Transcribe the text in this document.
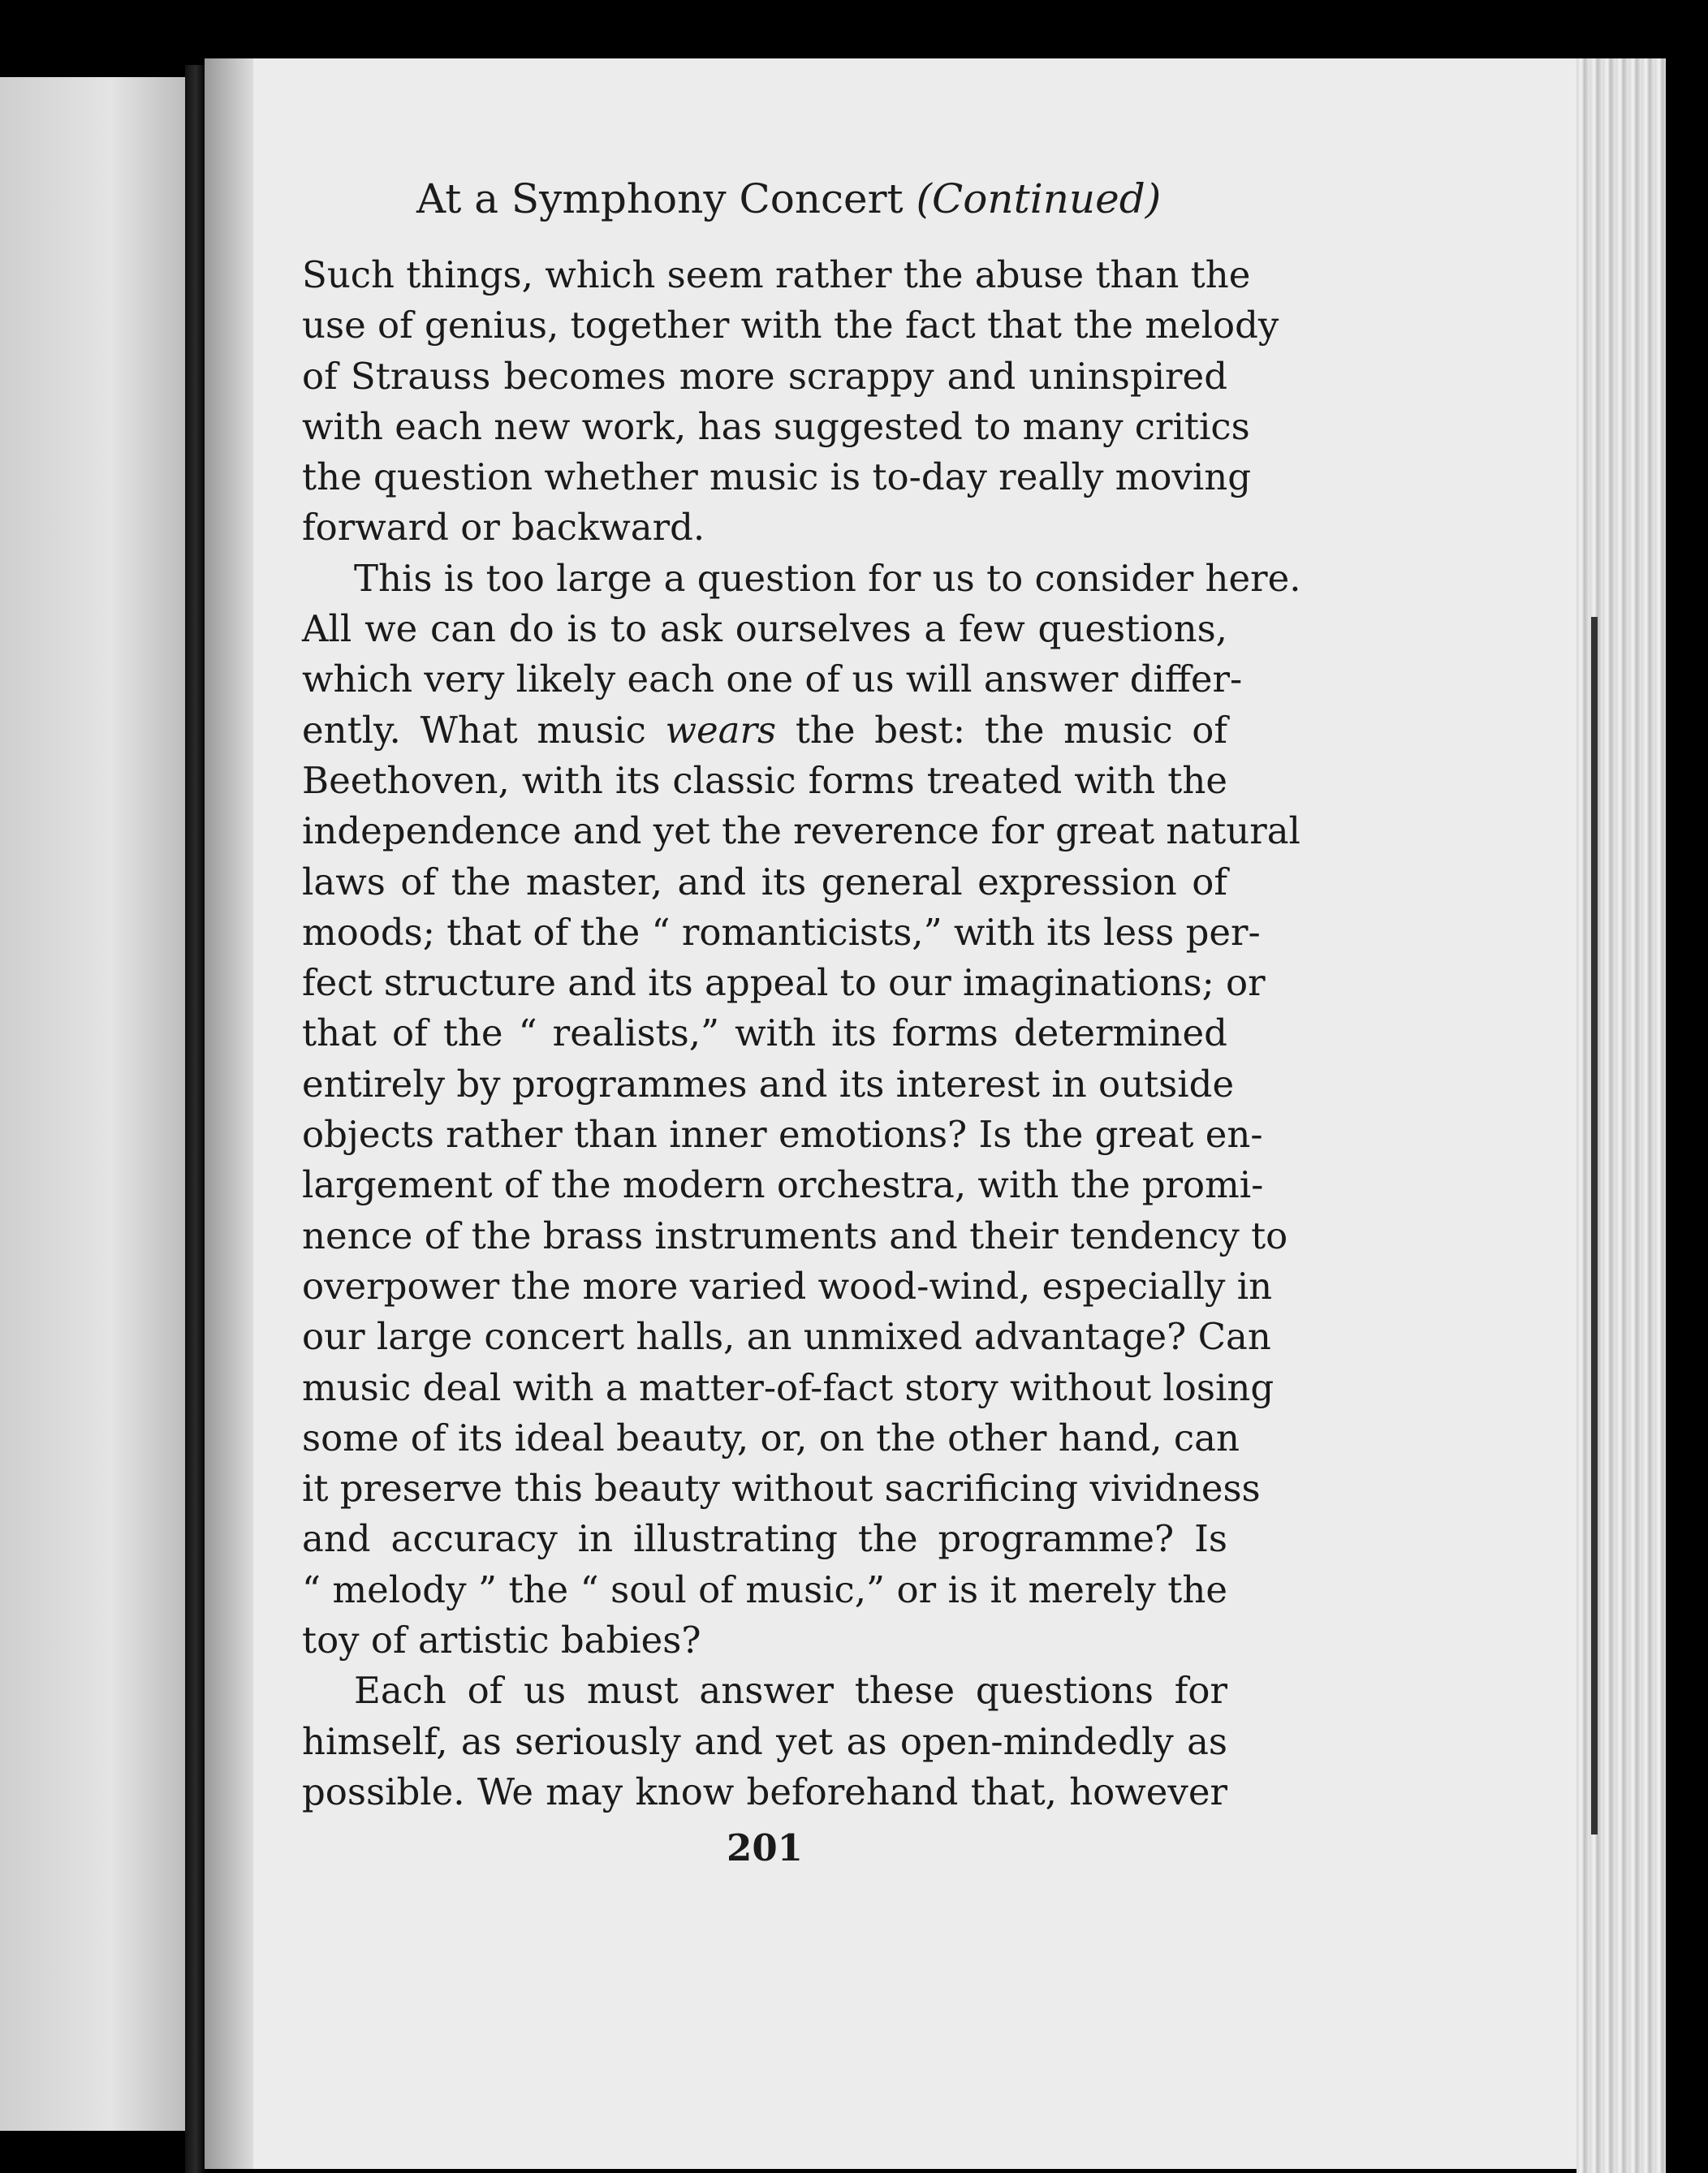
At a Symphony Concert (Continued)
Such things, which seem rather the abuse than the
use of genius, together with the fact that the melody
of Strauss becomes more scrappy and uninspired
with each new work, has suggested to many critics
the question whether music is to-day really moving
forward or backward.
This is too large a question for us to consider here.
All we can do is to ask ourselves a few questions,
which very likely each one of us will answer differ-
ently. What music wears the best: the music of
Beethoven, with its classic forms treated with the
independence and yet the reverence for great natural
laws of the master, and its general expression of
moods; that of the “ romanticists,” with its less per-
fect structure and its appeal to our imaginations; or
that of the “ realists,” with its forms determined
entirely by programmes and its interest in outside
objects rather than inner emotions? Is the great en-
largement of the modern orchestra, with the promi-
nence of the brass instruments and their tendency to
overpower the more varied wood-wind, especially in
our large concert halls, an unmixed advantage? Can
music deal with a matter-of-fact story without losing
some of its ideal beauty, or, on the other hand, can
it preserve this beauty without sacrificing vividness
and accuracy in illustrating the programme? Is
“ melody ” the “ soul of music,” or is it merely the
toy of artistic babies?
Each of us must answer these questions for
himself, as seriously and yet as open-mindedly as
possible. We may know beforehand that, however
201
